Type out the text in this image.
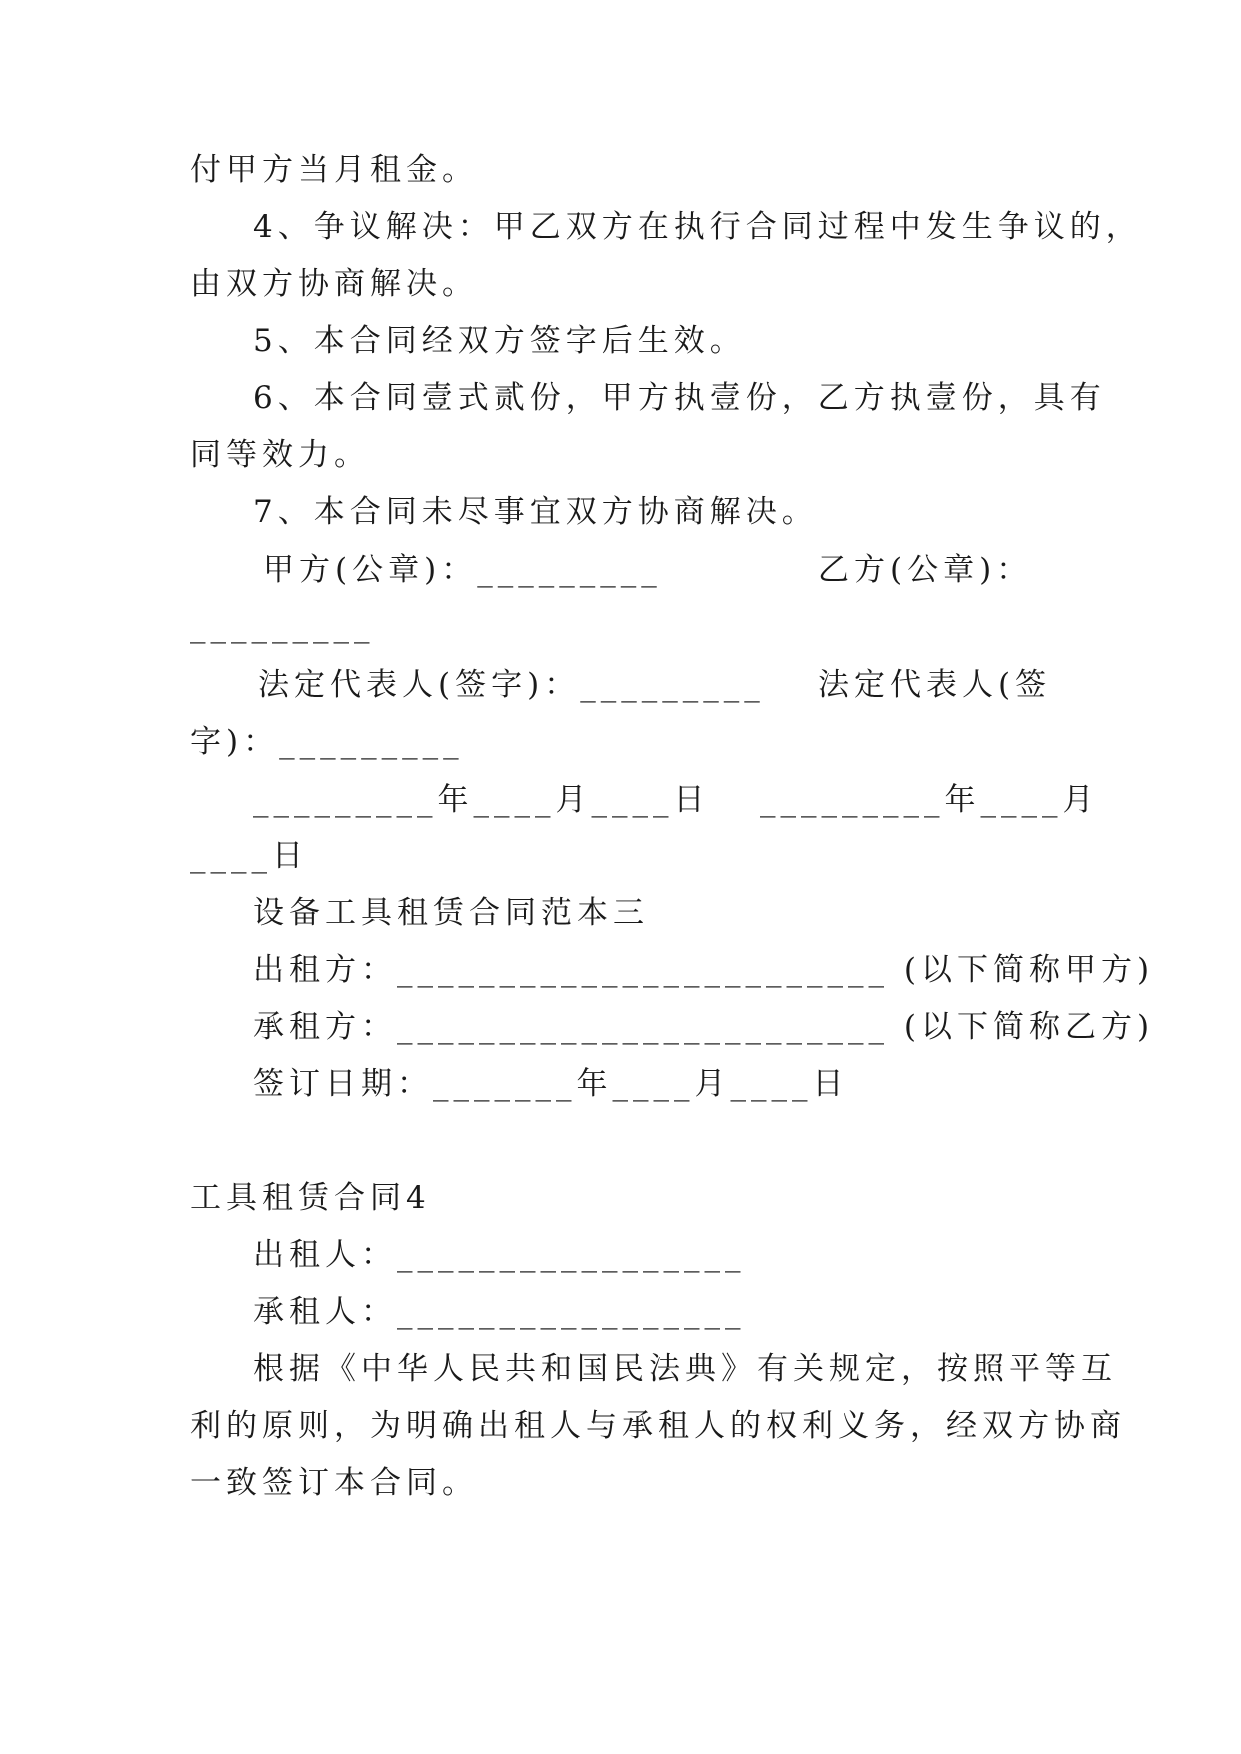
付甲方当月租金。
4、争议解决：甲乙双方在执行合同过程中发生争议的，
由双方协商解决。
5、本合同经双方签字后生效。
6、本合同壹式贰份，甲方执壹份，乙方执壹份，具有
同等效力。
7、本合同未尽事宜双方协商解决。
甲方(公章)：_________	乙方(公章)：
_________
法定代表人(签字)：_________ 法定代表人(签
字)：_________
_________年____月____日 _________年____月
____日
设备工具租赁合同范本三
出租方：________________________ (以下简称甲方)
承租方：________________________ (以下简称乙方)
签订日期：_______年____月____日
工具租赁合同4
出租人：_________________
承租人：_________________
根据《中华人民共和国民法典》有关规定，按照平等互
利的原则，为明确出租人与承租人的权利义务，经双方协商
一致签订本合同。
